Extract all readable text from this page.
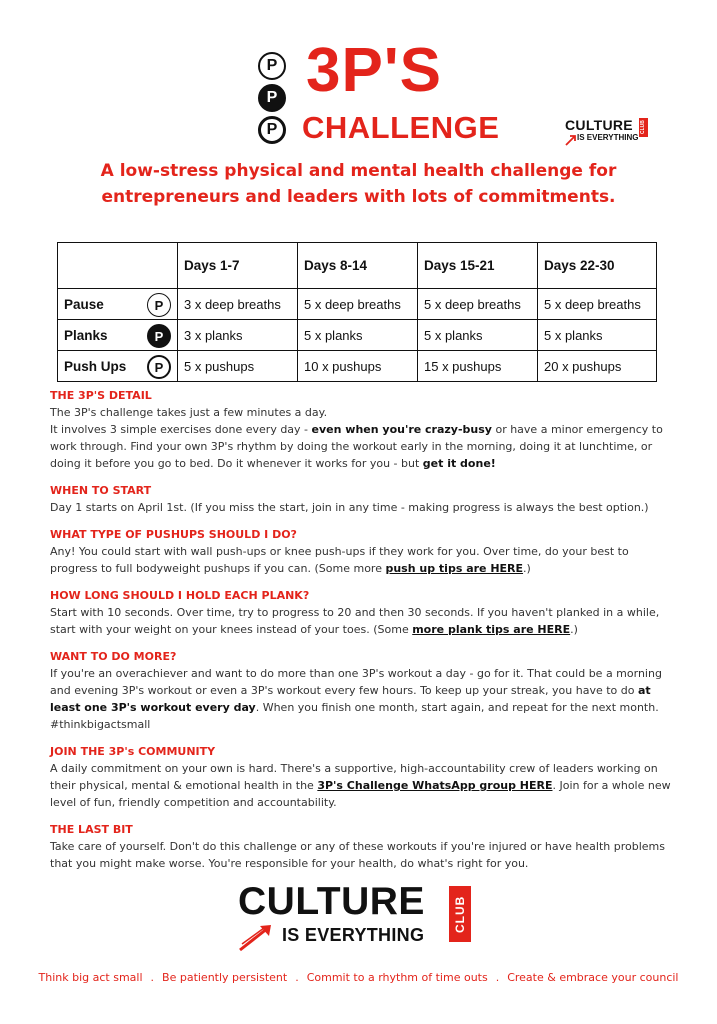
P
P
P
3P'S
CHALLENGE	CULTURE
IS EVERYTHING
CLUB
A low-stress physical and mental health challenge for entrepreneurs and leaders with lots of commitments.
	Days 1-7	Days 8-14	Days 15-21	Days 22-30
Pause P	3 x deep breaths	5 x deep breaths	5 x deep breaths	5 x deep breaths
Planks P	3 x planks	5 x planks	5 x planks	5 x planks
Push Ups P	5 x pushups	10 x pushups	15 x pushups	20 x pushups
THE 3P'S DETAIL

The 3P's challenge takes just a few minutes a day.

It involves 3 simple exercises done every day - even when you're crazy-busy or have a minor emergency to work through. Find your own 3P's rhythm by doing the workout early in the morning, doing it at lunchtime, or doing it before you go to bed. Do it whenever it works for you - but get it done!

WHEN TO START

Day 1 starts on April 1st. (If you miss the start, join in any time - making progress is always the best option.)

WHAT TYPE OF PUSHUPS SHOULD I DO?

Any! You could start with wall push-ups or knee push-ups if they work for you. Over time, do your best to progress to full bodyweight pushups if you can. (Some more push up tips are HERE.)

HOW LONG SHOULD I HOLD EACH PLANK?

Start with 10 seconds. Over time, try to progress to 20 and then 30 seconds. If you haven't planked in a while, start with your weight on your knees instead of your toes. (Some more plank tips are HERE.)

WANT TO DO MORE?

If you're an overachiever and want to do more than one 3P's workout a day - go for it. That could be a morning and evening 3P's workout or even a 3P's workout every few hours. To keep up your streak, you have to do at least one 3P's workout every day. When you finish one month, start again, and repeat for the next month. #thinkbigactsmall

JOIN THE 3P's COMMUNITY

A daily commitment on your own is hard. There's a supportive, high-accountability crew of leaders working on their physical, mental & emotional health in the 3P's Challenge WhatsApp group HERE. Join for a whole new level of fun, friendly competition and accountability.

THE LAST BIT

Take care of yourself. Don't do this challenge or any of these workouts if you're injured or have health problems that you might make worse. You're responsible for your health, do what's right for you.

CULTURE
IS EVERYTHING
CLUB
Think big act small . Be patiently persistent . Commit to a rhythm of time outs . Create & embrace your council
